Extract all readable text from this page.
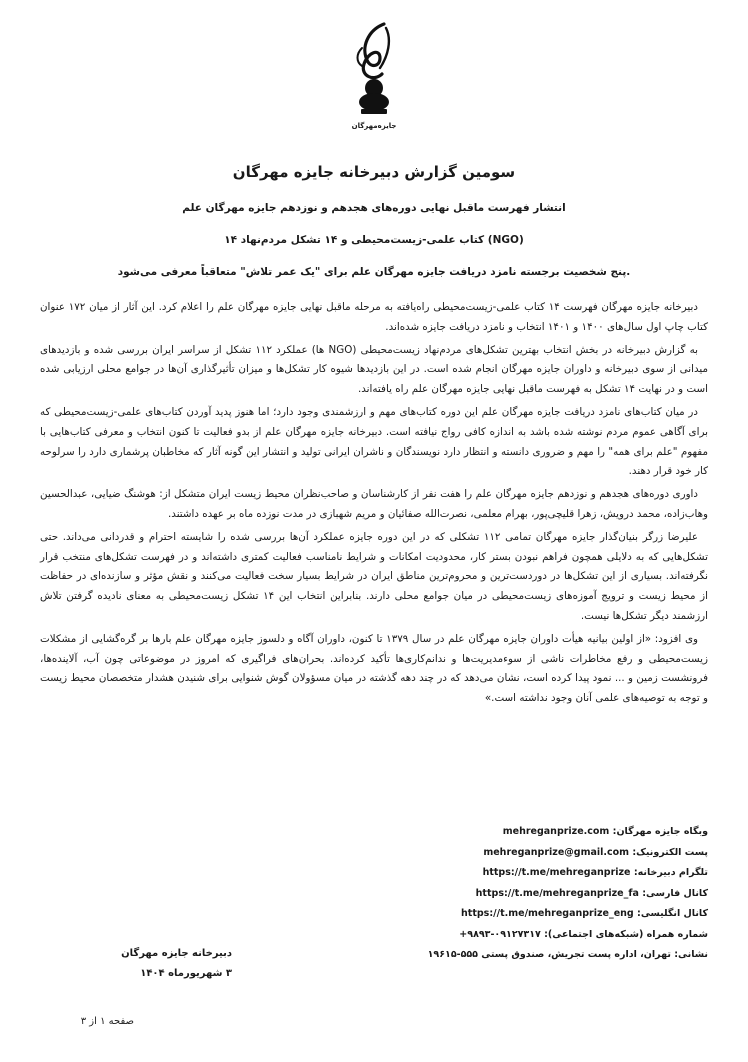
جایزه‌مهرگان
سومین گزارش دبیرخانه جایزه مهرگان
انتشار فهرست ماقبل نهایی دوره‌های هجدهم و نوزدهم جایزه مهرگان علم
۱۴ کتاب علمی-زیست‌محیطی و ۱۴ تشکل مردم‌نهاد (NGO)
پنج شخصیت برجسته نامزد دریافت جایزه مهرگان علم برای "یک عمر تلاش" متعاقباً معرفی می‌شود.

دبیرخانه جایزه مهرگان فهرست ۱۴ کتاب علمی-زیست‌محیطی راه‌یافته به مرحله ماقبل نهایی جایزه مهرگان علم را اعلام کرد. این آثار از میان ۱۷۲ عنوان کتاب چاپ اول سال‌های ۱۴۰۰ و ۱۴۰۱ انتخاب و نامزد دریافت جایزه شده‌اند.

به گزارش دبیرخانه در بخش انتخاب بهترین تشکل‌های مردم‌نهاد زیست‌محیطی (NGO ها) عملکرد ۱۱۲ تشکل از سراسر ایران بررسی شده و بازدیدهای میدانی از سوی دبیرخانه و داوران جایزه مهرگان انجام شده است. در این بازدیدها شیوه کار تشکل‌ها و میزان تأثیرگذاری آن‌ها در جوامع محلی ارزیابی شده است و در نهایت ۱۴ تشکل به فهرست ماقبل نهایی جایزه مهرگان علم راه یافته‌اند.

در میان کتاب‌های نامزد دریافت جایزه مهرگان علم این دوره کتاب‌های مهم و ارزشمندی وجود دارد؛ اما هنوز پدید آوردن کتاب‌های علمی-زیست‌محیطی که برای آگاهی عموم مردم نوشته شده باشد به اندازه کافی رواج نیافته است. دبیرخانه جایزه مهرگان علم از بدو فعالیت تا کنون انتخاب و معرفی کتاب‌هایی با مفهوم "علم برای همه" را مهم و ضروری دانسته و انتظار دارد نویسندگان و ناشران ایرانی تولید و انتشار این گونه آثار که مخاطبان پرشماری دارد را سرلوحه کار خود قرار دهند.

داوری دوره‌های هجدهم و نوزدهم جایزه مهرگان علم را هفت نفر از کارشناسان و صاحب‌نظران محیط زیست ایران متشکل از: هوشنگ ضیایی، عبدالحسین وهاب‌زاده، محمد درویش، زهرا قلیچی‌پور، بهرام معلمی، نصرت‌الله صفائیان و مریم شهبازی در مدت نوزده ماه بر عهده داشتند.

علیرضا زرگر بنیان‌گذار جایزه مهرگان تمامی ۱۱۲ تشکلی که در این دوره جایزه عملکرد آن‌ها بررسی شده را شایسته احترام و قدردانی می‌داند. حتی تشکل‌هایی که به دلایلی همچون فراهم نبودن بستر کار، محدودیت امکانات و شرایط نامناسب فعالیت کمتری داشته‌اند و در فهرست تشکل‌های منتخب قرار نگرفته‌اند. بسیاری از این تشکل‌ها در دوردست‌ترین و محروم‌ترین مناطق ایران در شرایط بسیار سخت فعالیت می‌کنند و نقش مؤثر و سازنده‌ای در حفاظت از محیط زیست و ترویج آموزه‌های زیست‌محیطی در میان جوامع محلی دارند. بنابراین انتخاب این ۱۴ تشکل زیست‌محیطی به معنای نادیده گرفتن تلاش ارزشمند دیگر تشکل‌ها نیست.

وی افزود: «از اولین بیانیه هیأت داوران جایزه مهرگان علم در سال ۱۳۷۹ تا کنون، داوران آگاه و دلسوز جایزه مهرگان علم بارها بر گره‌گشایی از مشکلات زیست‌محیطی و رفع مخاطرات ناشی از سوءمدیریت‌ها و ندانم‌کاری‌ها تأکید کرده‌اند. بحران‌های فراگیری که امروز در موضوعاتی چون آب، آلاینده‌ها، فرونشست زمین و ... نمود پیدا کرده است، نشان می‌دهد که در چند دهه گذشته در میان مسؤولان گوش شنوایی برای شنیدن هشدار متخصصان محیط زیست و توجه به توصیه‌های علمی آنان وجود نداشته است.»

وبگاه جایزه مهرگان: mehreganprize.com
پست الکترونیک: mehreganprize@gmail.com
تلگرام دبیرخانه: https://t.me/mehreganprize
کانال فارسی: https://t.me/mehreganprize_fa
کانال انگلیسی: https://t.me/mehreganprize_eng
شماره همراه (شبکه‌های اجتماعی): ۰۹۱۲۷۳۱۷-۹۸۹۳+
نشانی: تهران، اداره پست تجریش، صندوق پستی ۵۵۵-۱۹۶۱۵
دبیرخانه جایزه مهرگان
۳ شهریورماه ۱۴۰۴
صفحه ۱ از ۳
